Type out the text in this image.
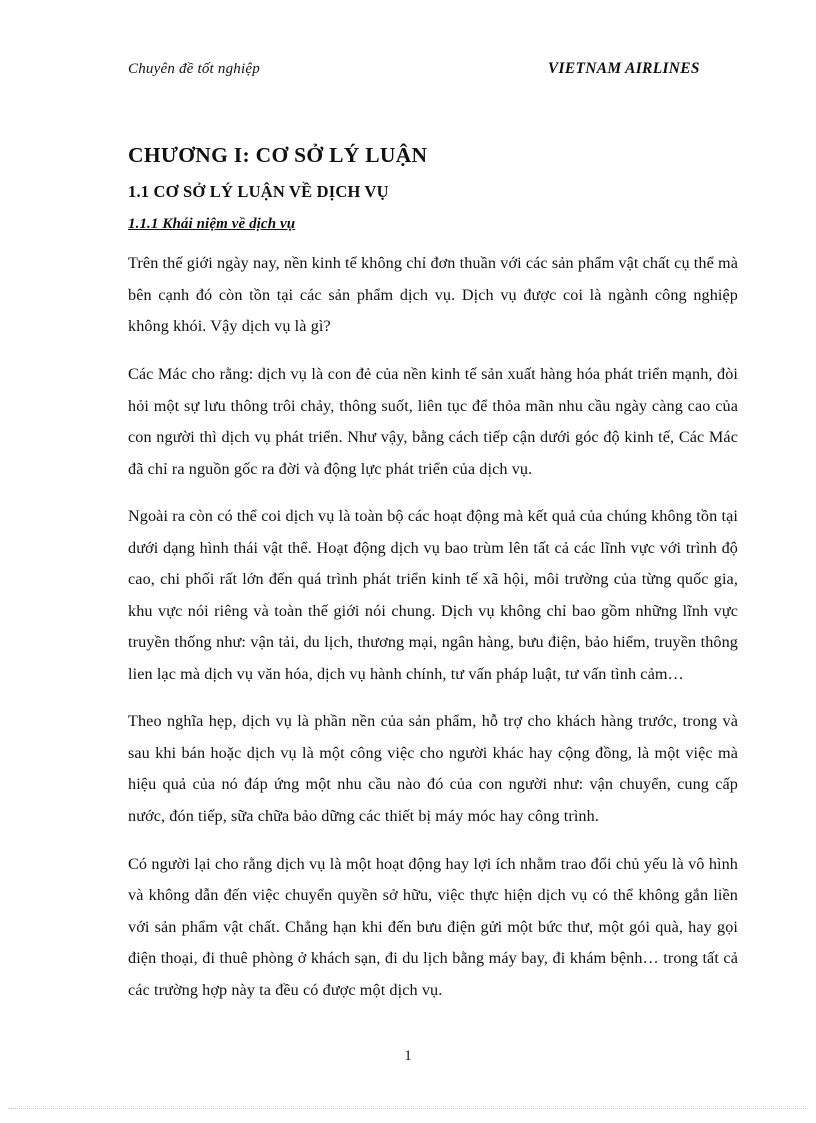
Chuyên đề tốt nghiệp	VIETNAM AIRLINES
CHƯƠNG I: CƠ SỞ LÝ LUẬN
1.1 CƠ SỞ LÝ LUẬN VỀ DỊCH VỤ
1.1.1 Khái niệm về dịch vụ

Trên thế giới ngày nay, nền kinh tế không chỉ đơn thuần với các sản phẩm vật chất cụ thể mà bên cạnh đó còn tồn tại các sản phẩm dịch vụ. Dịch vụ được coi là ngành công nghiệp không khói. Vậy dịch vụ là gì?

Các Mác cho rằng: dịch vụ là con đẻ của nền kinh tế sản xuất hàng hóa phát triển mạnh, đòi hỏi một sự lưu thông trôi chảy, thông suốt, liên tục để thỏa mãn nhu cầu ngày càng cao của con người thì dịch vụ phát triển. Như vậy, bằng cách tiếp cận dưới góc độ kinh tế, Các Mác đã chỉ ra nguồn gốc ra đời và động lực phát triển của dịch vụ.

Ngoài ra còn có thể coi dịch vụ là toàn bộ các hoạt động mà kết quả của chúng không tồn tại dưới dạng hình thái vật thể. Hoạt động dịch vụ bao trùm lên tất cả các lĩnh vực với trình độ cao, chi phối rất lớn đến quá trình phát triển kinh tế xã hội, môi trường của từng quốc gia, khu vực nói riêng và toàn thế giới nói chung. Dịch vụ không chỉ bao gồm những lĩnh vực truyền thống như: vận tải, du lịch, thương mại, ngân hàng, bưu điện, bảo hiểm, truyền thông lien lạc mà dịch vụ văn hóa, dịch vụ hành chính, tư vấn pháp luật, tư vấn tình cảm…

Theo nghĩa hẹp, dịch vụ là phần nền của sản phẩm, hỗ trợ cho khách hàng trước, trong và sau khi bán hoặc dịch vụ là một công việc cho người khác hay cộng đồng, là một việc mà hiệu quả của nó đáp ứng một nhu cầu nào đó của con người như: vận chuyển, cung cấp nước, đón tiếp, sữa chữa bảo dững các thiết bị máy móc hay công trình.

Có người lại cho rằng dịch vụ là một hoạt động hay lợi ích nhằm trao đổi chủ yếu là vô hình và không dẫn đến việc chuyển quyền sở hữu, việc thực hiện dịch vụ có thể không gắn liền với sản phẩm vật chất. Chẳng hạn khi đến bưu điện gửi một bức thư, một gói quà, hay gọi điện thoại, đi thuê phòng ở khách sạn, đi du lịch bằng máy bay, đi khám bệnh… trong tất cả các trường hợp này ta đều có được một dịch vụ.

1
